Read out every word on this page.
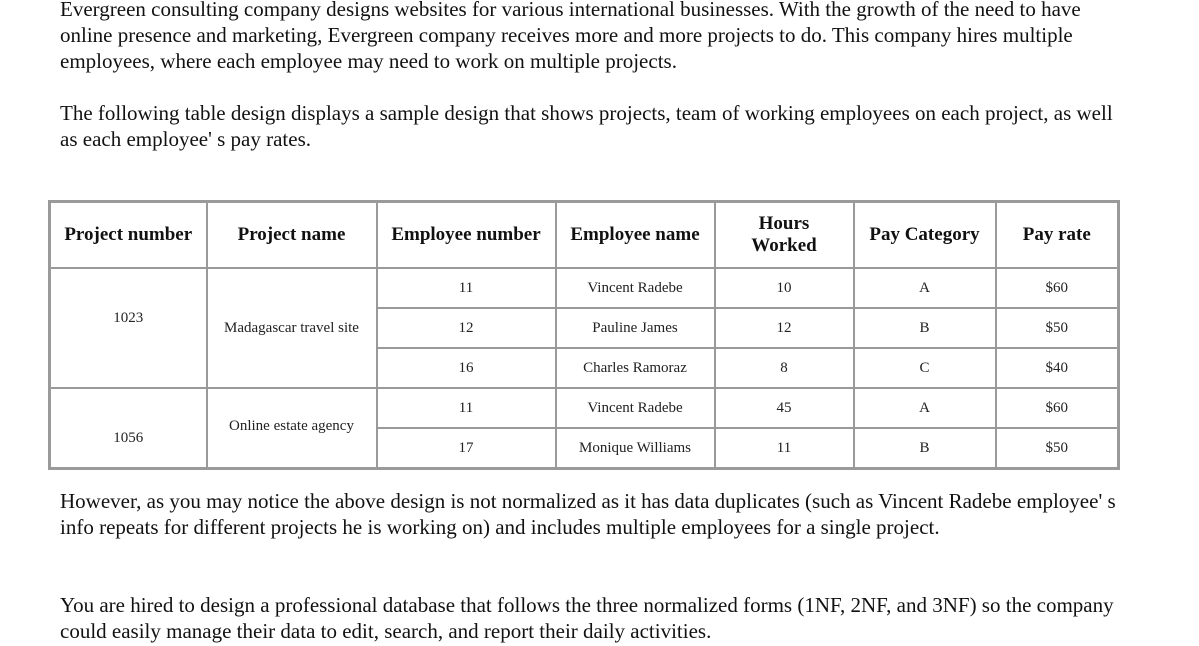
Evergreen consulting company designs websites for various international businesses. With the growth of the need to have online presence and marketing, Evergreen company receives more and more projects to do. This company hires multiple employees, where each employee may need to work on multiple projects.

The following table design displays a sample design that shows projects, team of working employees on each project, as well as each employee' s pay rates.

Project number	Project name	Employee number	Employee name	Hours Worked	Pay Category	Pay rate
1023	Madagascar travel site	11	Vincent Radebe	10	A	$60
		12	Pauline James	12	B	$50
		16	Charles Ramoraz	8	C	$40
1056	Online estate agency	11	Vincent Radebe	45	A	$60
		17	Monique Williams	11	B	$50

However, as you may notice the above design is not normalized as it has data duplicates (such as Vincent Radebe employee' s info repeats for different projects he is working on) and includes multiple employees for a single project.

You are hired to design a professional database that follows the three normalized forms (1NF, 2NF, and 3NF) so the company could easily manage their data to edit, search, and report their daily activities.
